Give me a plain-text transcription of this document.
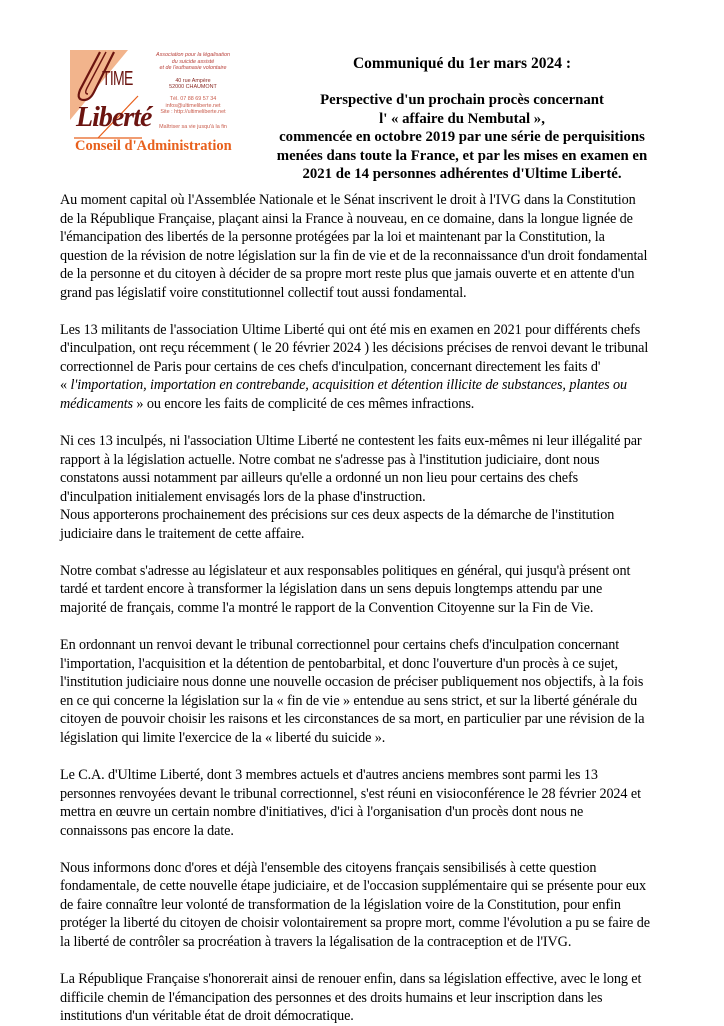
TIME
Liberté
Association pour la légalisation
du suicide assisté
et de l'euthanasie volontaire
40 rue Ampère
52000 CHAUMONT
Tél. 07 88 69 57 34
infos@ultimeliberte.net
Site : http://ultimeliberte.net
Maîtriser sa vie jusqu'à la fin
Conseil d'Administration
Communiqué du 1er mars 2024 :
Perspective d'un prochain procès concernant
l' « affaire du Nembutal »,
commencée en octobre 2019 par une série de perquisitions
menées dans toute la France, et par les mises en examen en
2021 de 14 personnes adhérentes d'Ultime Liberté.

Au moment capital où l'Assemblée Nationale et le Sénat inscrivent le droit à l'IVG dans la Constitution
de la République Française, plaçant ainsi la France à nouveau, en ce domaine, dans la longue lignée de
l'émancipation des libertés de la personne protégées par la loi et maintenant par la Constitution, la
question de la révision de notre législation sur la fin de vie et de la reconnaissance d'un droit fondamental
de la personne et du citoyen à décider de sa propre mort reste plus que jamais ouverte et en attente d'un
grand pas législatif voire constitutionnel collectif tout aussi fondamental.

Les 13 militants de l'association Ultime Liberté qui ont été mis en examen en 2021 pour différents chefs
d'inculpation, ont reçu récemment ( le 20 février 2024 ) les décisions précises de renvoi devant le tribunal
correctionnel de Paris pour certains de ces chefs d'inculpation, concernant directement les faits d'
« l'importation, importation en contrebande, acquisition et détention illicite de substances, plantes ou
médicaments » ou encore les faits de complicité de ces mêmes infractions.

Ni ces 13 inculpés, ni l'association Ultime Liberté ne contestent les faits eux-mêmes ni leur illégalité par
rapport à la législation actuelle. Notre combat ne s'adresse pas à l'institution judiciaire, dont nous
constatons aussi notamment par ailleurs qu'elle a ordonné un non lieu pour certains des chefs
d'inculpation initialement envisagés lors de la phase d'instruction.
Nous apporterons prochainement des précisions sur ces deux aspects de la démarche de l'institution
judiciaire dans le traitement de cette affaire.

Notre combat s'adresse au législateur et aux responsables politiques en général, qui jusqu'à présent ont
tardé et tardent encore à transformer la législation dans un sens depuis longtemps attendu par une
majorité de français, comme l'a montré le rapport de la Convention Citoyenne sur la Fin de Vie.

En ordonnant un renvoi devant le tribunal correctionnel pour certains chefs d'inculpation concernant
l'importation, l'acquisition et la détention de pentobarbital, et donc l'ouverture d'un procès à ce sujet,
l'institution judiciaire nous donne une nouvelle occasion de préciser publiquement nos objectifs, à la fois
en ce qui concerne la législation sur la « fin de vie » entendue au sens strict, et sur la liberté générale du
citoyen de pouvoir choisir les raisons et les circonstances de sa mort, en particulier par une révision de la
législation qui limite l'exercice de la « liberté du suicide ».

Le C.A. d'Ultime Liberté, dont 3 membres actuels et d'autres anciens membres sont parmi les 13
personnes renvoyées devant le tribunal correctionnel, s'est réuni en visioconférence le 28 février 2024 et
mettra en œuvre un certain nombre d'initiatives, d'ici à l'organisation d'un procès dont nous ne
connaissons pas encore la date.

Nous informons donc d'ores et déjà l'ensemble des citoyens français sensibilisés à cette question
fondamentale, de cette nouvelle étape judiciaire, et de l'occasion supplémentaire qui se présente pour eux
de faire connaître leur volonté de transformation de la législation voire de la Constitution, pour enfin
protéger la liberté du citoyen de choisir volontairement sa propre mort, comme l'évolution a pu se faire de
la liberté de contrôler sa procréation à travers la légalisation de la contraception et de l'IVG.

La République Française s'honorerait ainsi de renouer enfin, dans sa législation effective, avec le long et
difficile chemin de l'émancipation des personnes et des droits humains et leur inscription dans les
institutions d'un véritable état de droit démocratique.
